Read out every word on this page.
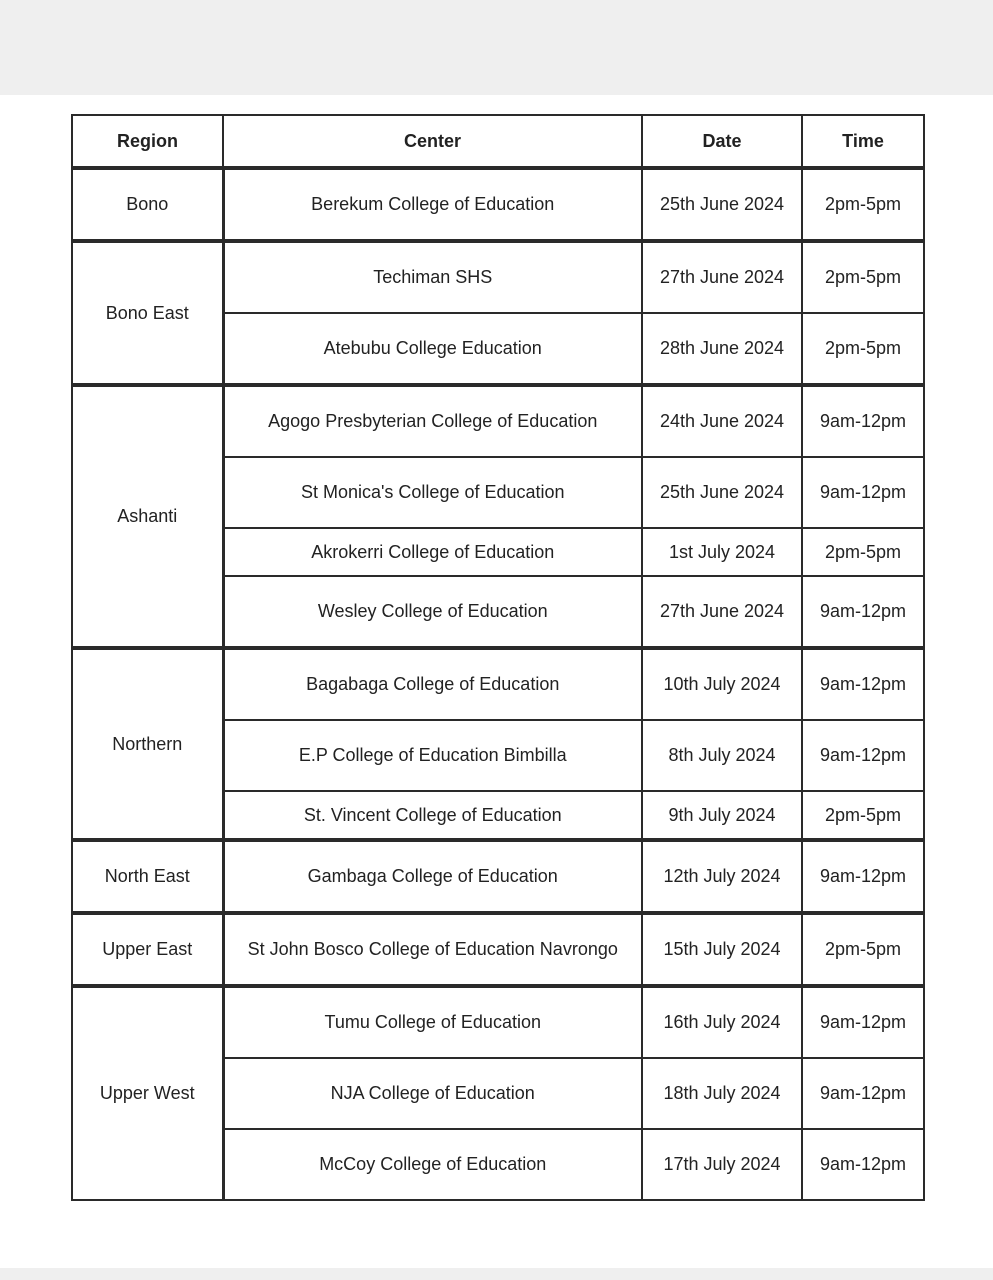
Region	Center	Date	Time
Bono	Berekum College of Education	25th June 2024	2pm-5pm
Bono East	Techiman SHS	27th June 2024	2pm-5pm
	Atebubu College Education	28th June 2024	2pm-5pm
Ashanti	Agogo Presbyterian College of Education	24th June 2024	9am-12pm
	St Monica's College of Education	25th June 2024	9am-12pm
	Akrokerri College of Education	1st July 2024	2pm-5pm
	Wesley College of Education	27th June 2024	9am-12pm
Northern	Bagabaga College of Education	10th July 2024	9am-12pm
	E.P College of Education Bimbilla	8th July 2024	9am-12pm
	St. Vincent College of Education	9th July 2024	2pm-5pm
North East	Gambaga College of Education	12th July 2024	9am-12pm
Upper East	St John Bosco College of Education Navrongo	15th July 2024	2pm-5pm
Upper West	Tumu College of Education	16th July 2024	9am-12pm
	NJA College of Education	18th July 2024	9am-12pm
	McCoy College of Education	17th July 2024	9am-12pm
